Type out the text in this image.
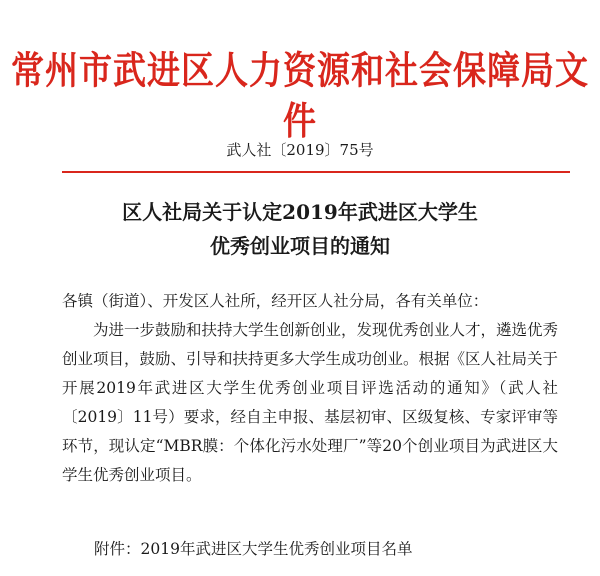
常州市武进区人力资源和社会保障局文件
武人社〔2019〕75号
区人社局关于认定2019年武进区大学生
优秀创业项目的通知

各镇（街道）、开发区人社所，经开区人社分局，各有关单位：

为进一步鼓励和扶持大学生创新创业，发现优秀创业人才，遴选优秀创业项目，鼓励、引导和扶持更多大学生成功创业。根据《区人社局关于开展2019年武进区大学生优秀创业项目评选活动的通知》（武人社〔2019〕11号）要求，经自主申报、基层初审、区级复核、专家评审等环节，现认定“MBR膜：个体化污水处理厂”等20个创业项目为武进区大学生优秀创业项目。

附件：2019年武进区大学生优秀创业项目名单
